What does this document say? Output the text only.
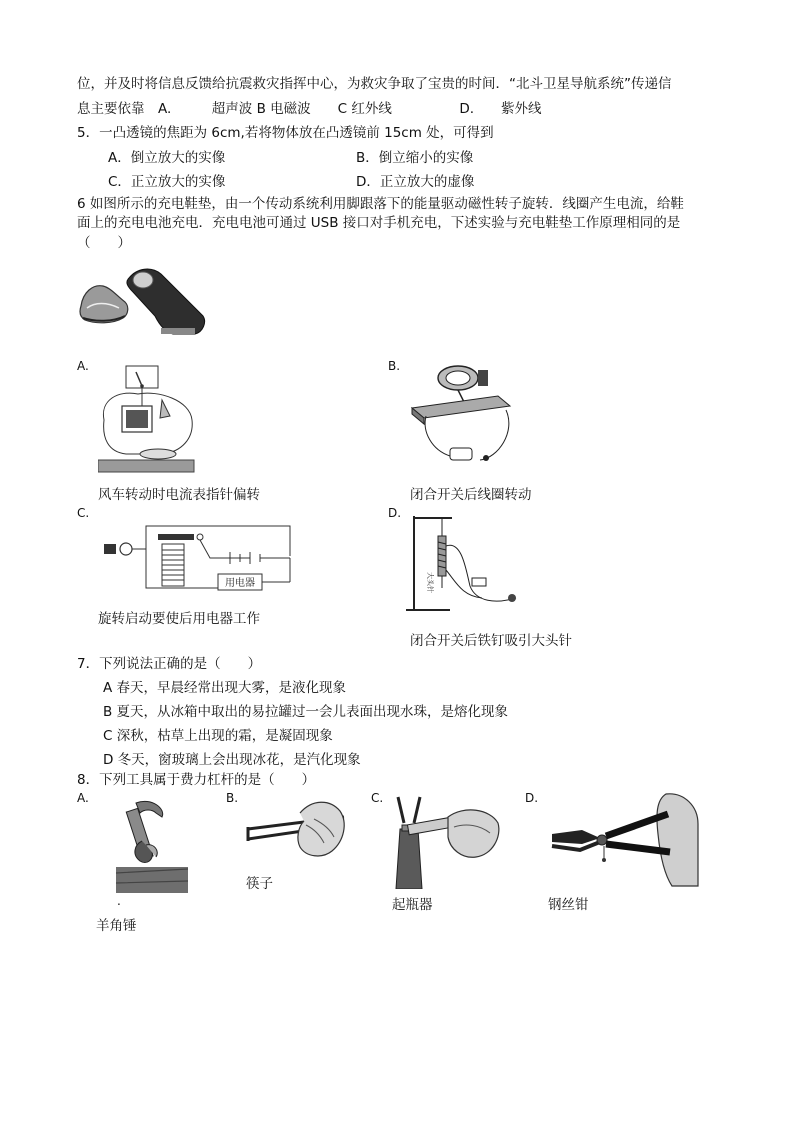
位，并及时将信息反馈给抗震救灾指挥中心，为救灾争取了宝贵的时间．“北斗卫星导航系统”传递信
息主要依靠　A.　　　超声波 B 电磁波　　C 红外线　　　　　D.　　紫外线
5．一凸透镜的焦距为 6cm,若将物体放在凸透镜前 15cm 处，可得到
A．倒立放大的实像	B．倒立缩小的实像
C．正立放大的实像	D．正立放大的虚像
6 如图所示的充电鞋垫，由一个传动系统利用脚跟落下的能量驱动磁性转子旋转．线圈产生电流，给鞋
面上的充电电池充电．充电电池可通过 USB 接口对手机充电，下述实验与充电鞋垫工作原理相同的是
（　　）
A.	B.
风车转动时电流表指针偏转	闭合开关后线圈转动
C.	D.
用电器	大头针
旋转启动要使后用电器工作
闭合开关后铁钉吸引大头针
7．下列说法正确的是（　　）
A 春天，早晨经常出现大雾，是液化现象
B 夏天，从冰箱中取出的易拉罐过一会儿表面出现水珠，是熔化现象
C 深秋，枯草上出现的霜，是凝固现象
D 冬天，窗玻璃上会出现冰花，是汽化现象
8．下列工具属于费力杠杆的是（　　）
A.	B.	C.	D.
.
羊角锤
筷子
起瓶器	钢丝钳
